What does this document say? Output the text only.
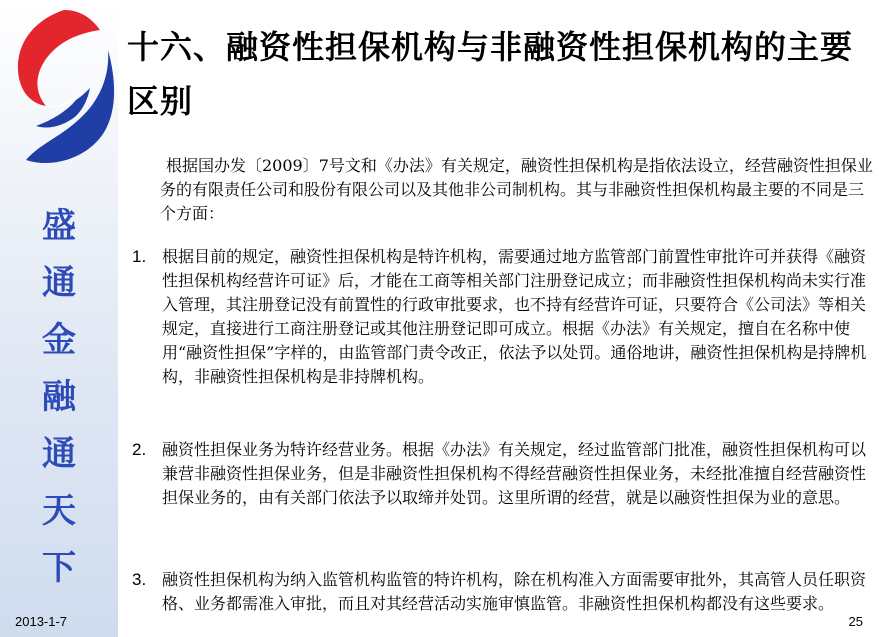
盛
通
金
融
通
天
下
2013-1-7
十六、融资性担保机构与非融资性担保机构的主要区别
根据国办发〔2009〕7号文和《办法》有关规定，融资性担保机构是指依法设立，经营融资性担保业务的有限责任公司和股份有限公司以及其他非公司制机构。其与非融资性担保机构最主要的不同是三个方面：
1. 根据目前的规定，融资性担保机构是特许机构，需要通过地方监管部门前置性审批许可并获得《融资性担保机构经营许可证》后，才能在工商等相关部门注册登记成立；而非融资性担保机构尚未实行准入管理，其注册登记没有前置性的行政审批要求，也不持有经营许可证，只要符合《公司法》等相关规定，直接进行工商注册登记或其他注册登记即可成立。根据《办法》有关规定，擅自在名称中使用“融资性担保”字样的，由监管部门责令改正，依法予以处罚。通俗地讲，融资性担保机构是持牌机构，非融资性担保机构是非持牌机构。
2. 融资性担保业务为特许经营业务。根据《办法》有关规定，经过监管部门批准，融资性担保机构可以兼营非融资性担保业务，但是非融资性担保机构不得经营融资性担保业务，未经批准擅自经营融资性担保业务的，由有关部门依法予以取缔并处罚。这里所谓的经营，就是以融资性担保为业的意思。
3. 融资性担保机构为纳入监管机构监管的特许机构，除在机构准入方面需要审批外，其高管人员任职资格、业务都需准入审批，而且对其经营活动实施审慎监管。非融资性担保机构都没有这些要求。
25
